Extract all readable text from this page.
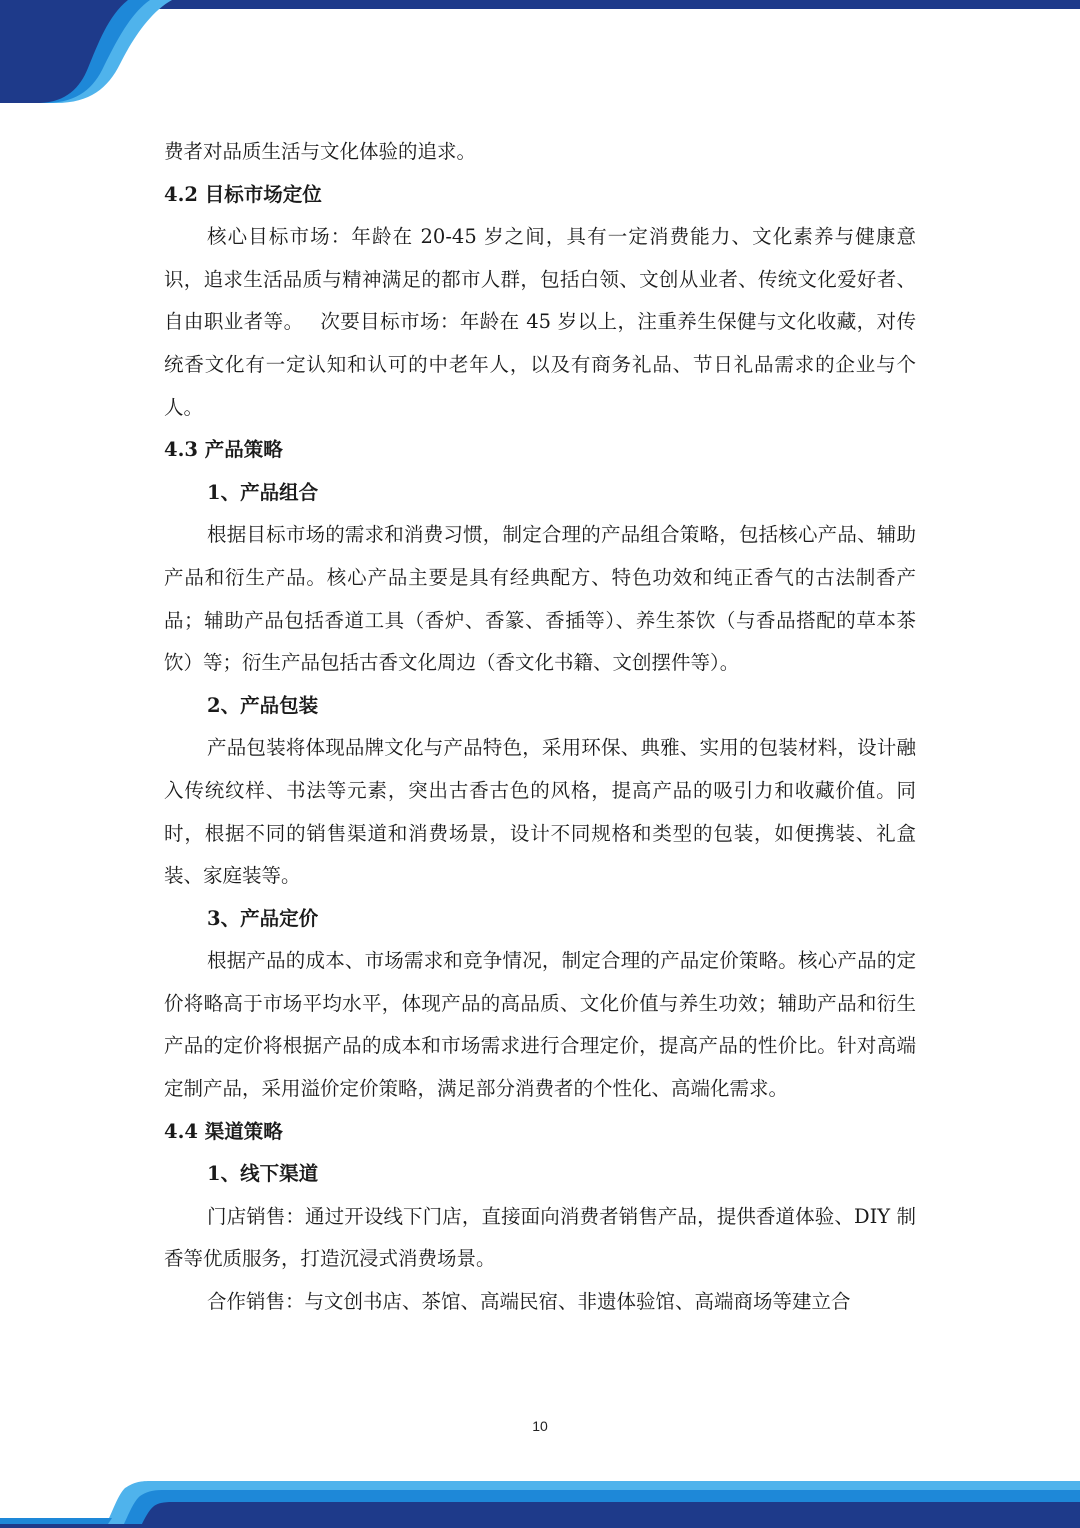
费者对品质生活与文化体验的追求。

4.2 目标市场定位

核心目标市场：年龄在 20-45 岁之间，具有一定消费能力、文化素养与健康意识，追求生活品质与精神满足的都市人群，包括白领、文创从业者、传统文化爱好者、自由职业者等。　 次要目标市场：年龄在 45 岁以上，注重养生保健与文化收藏，对传统香文化有一定认知和认可的中老年人，以及有商务礼品、节日礼品需求的企业与个人。

4.3 产品策略
1、产品组合

根据目标市场的需求和消费习惯，制定合理的产品组合策略，包括核心产品、辅助产品和衍生产品。核心产品主要是具有经典配方、特色功效和纯正香气的古法制香产品；辅助产品包括香道工具（香炉、香篆、香插等）、养生茶饮（与香品搭配的草本茶饮）等；衍生产品包括古香文化周边（香文化书籍、文创摆件等）。

2、产品包装

产品包装将体现品牌文化与产品特色，采用环保、典雅、实用的包装材料，设计融入传统纹样、书法等元素，突出古香古色的风格，提高产品的吸引力和收藏价值。同时，根据不同的销售渠道和消费场景，设计不同规格和类型的包装，如便携装、礼盒装、家庭装等。

3、产品定价

根据产品的成本、市场需求和竞争情况，制定合理的产品定价策略。核心产品的定价将略高于市场平均水平，体现产品的高品质、文化价值与养生功效；辅助产品和衍生产品的定价将根据产品的成本和市场需求进行合理定价，提高产品的性价比。针对高端定制产品，采用溢价定价策略，满足部分消费者的个性化、高端化需求。

4.4 渠道策略
1、线下渠道

门店销售：通过开设线下门店，直接面向消费者销售产品，提供香道体验、DIY 制香等优质服务，打造沉浸式消费场景。

合作销售：与文创书店、茶馆、高端民宿、非遗体验馆、高端商场等建立合

10
